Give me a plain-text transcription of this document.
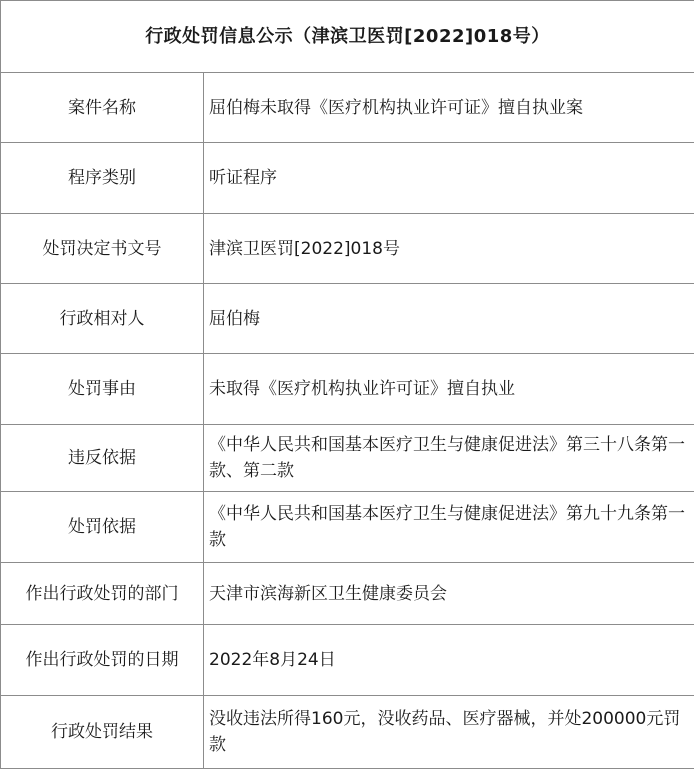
行政处罚信息公示（津滨卫医罚[2022]018号）	
案件名称	屈伯梅未取得《医疗机构执业许可证》擅自执业案
程序类别	听证程序
处罚决定书文号	津滨卫医罚[2022]018号
行政相对人	屈伯梅
处罚事由	未取得《医疗机构执业许可证》擅自执业
违反依据	《中华人民共和国基本医疗卫生与健康促进法》第三十八条第一款、第二款
处罚依据	《中华人民共和国基本医疗卫生与健康促进法》第九十九条第一款
作出行政处罚的部门	天津市滨海新区卫生健康委员会
作出行政处罚的日期	2022年8月24日
行政处罚结果	没收违法所得160元，没收药品、医疗器械，并处200000元罚款
